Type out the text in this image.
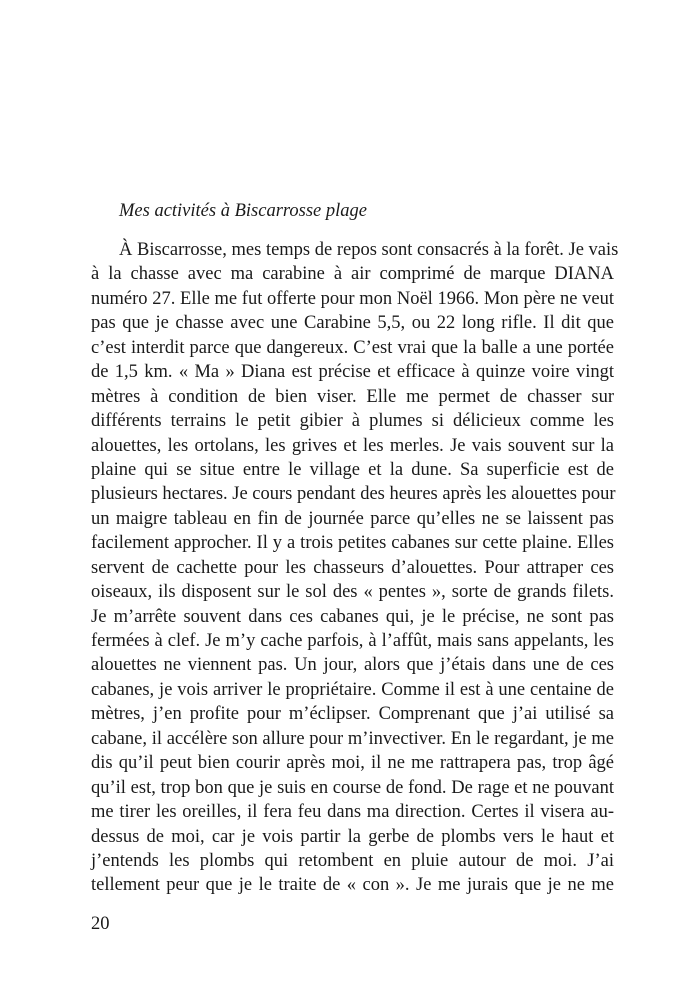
Mes activités à Biscarrosse plage
À Biscarrosse, mes temps de repos sont consacrés à la forêt. Je vais
à la chasse avec ma carabine à air comprimé de marque DIANA
numéro 27. Elle me fut offerte pour mon Noël 1966. Mon père ne veut
pas que je chasse avec une Carabine 5,5, ou 22 long rifle. Il dit que
c’est interdit parce que dangereux. C’est vrai que la balle a une portée
de 1,5 km. « Ma » Diana est précise et efficace à quinze voire vingt
mètres à condition de bien viser. Elle me permet de chasser sur
différents terrains le petit gibier à plumes si délicieux comme les
alouettes, les ortolans, les grives et les merles. Je vais souvent sur la
plaine qui se situe entre le village et la dune. Sa superficie est de
plusieurs hectares. Je cours pendant des heures après les alouettes pour
un maigre tableau en fin de journée parce qu’elles ne se laissent pas
facilement approcher. Il y a trois petites cabanes sur cette plaine. Elles
servent de cachette pour les chasseurs d’alouettes. Pour attraper ces
oiseaux, ils disposent sur le sol des « pentes », sorte de grands filets.
Je m’arrête souvent dans ces cabanes qui, je le précise, ne sont pas
fermées à clef. Je m’y cache parfois, à l’affût, mais sans appelants, les
alouettes ne viennent pas. Un jour, alors que j’étais dans une de ces
cabanes, je vois arriver le propriétaire. Comme il est à une centaine de
mètres, j’en profite pour m’éclipser. Comprenant que j’ai utilisé sa
cabane, il accélère son allure pour m’invectiver. En le regardant, je me
dis qu’il peut bien courir après moi, il ne me rattrapera pas, trop âgé
qu’il est, trop bon que je suis en course de fond. De rage et ne pouvant
me tirer les oreilles, il fera feu dans ma direction. Certes il visera au-
dessus de moi, car je vois partir la gerbe de plombs vers le haut et
j’entends les plombs qui retombent en pluie autour de moi. J’ai
tellement peur que je le traite de « con ». Je me jurais que je ne me
20
